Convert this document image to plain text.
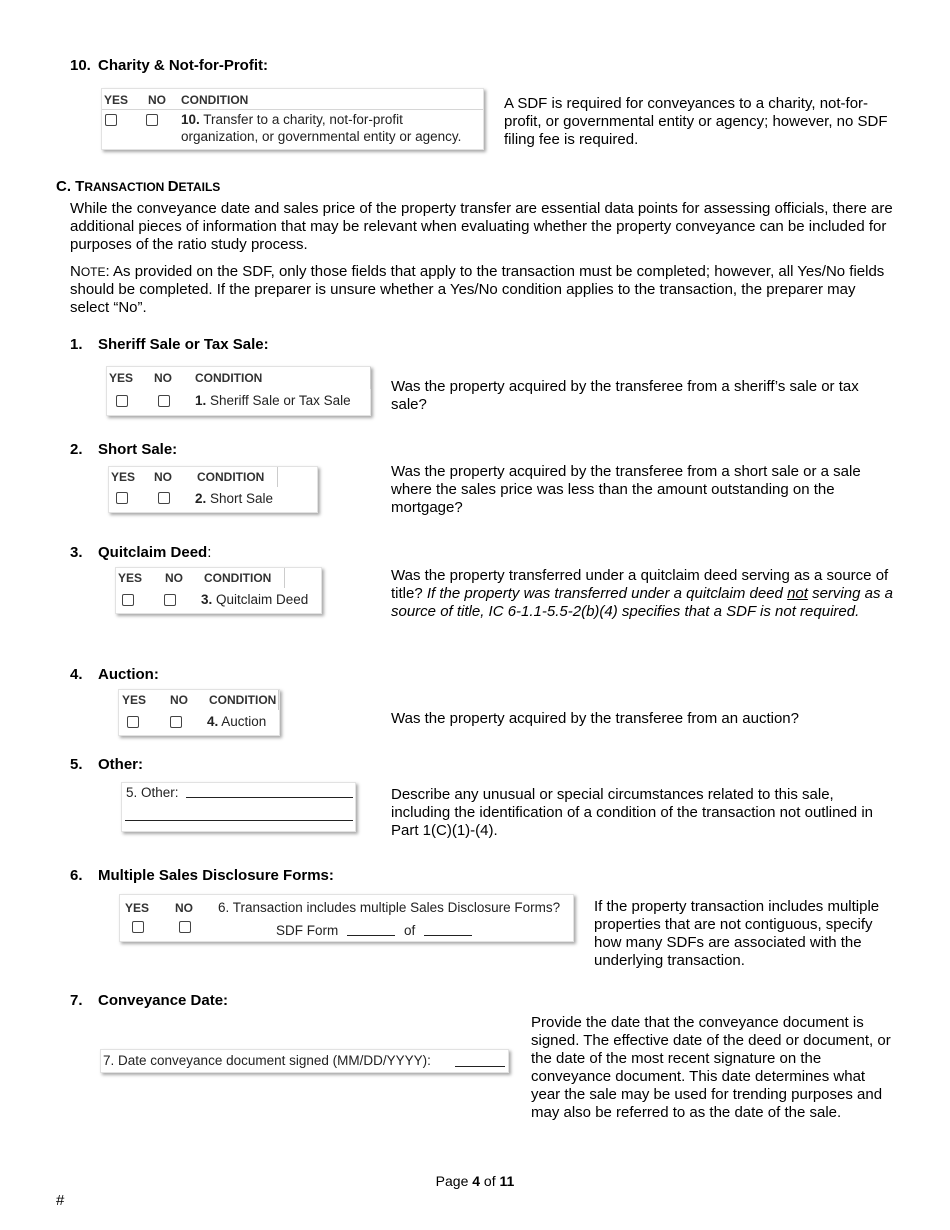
10. Charity & Not-for-Profit:
YES NO CONDITION
10. Transfer to a charity, not-for-profit
organization, or governmental entity or agency.
A SDF is required for conveyances to a charity, not-for-profit, or governmental entity or agency; however, no SDF filing fee is required.
C. TRANSACTION DETAILS
While the conveyance date and sales price of the property transfer are essential data points for assessing officials, there are additional pieces of information that may be relevant when evaluating whether the property conveyance can be included for purposes of the ratio study process.
NOTE: As provided on the SDF, only those fields that apply to the transaction must be completed; however, all Yes/No fields should be completed. If the preparer is unsure whether a Yes/No condition applies to the transaction, the preparer may select “No”.
1. Sheriff Sale or Tax Sale:
YES NO CONDITION
1. Sheriff Sale or Tax Sale
Was the property acquired by the transferee from a sheriff’s sale or tax sale?
2. Short Sale:
YES NO CONDITION
2. Short Sale
Was the property acquired by the transferee from a short sale or a sale where the sales price was less than the amount outstanding on the mortgage?
3. Quitclaim Deed:
YES NO CONDITION
3. Quitclaim Deed
Was the property transferred under a quitclaim deed serving as a source of title? If the property was transferred under a quitclaim deed not serving as a source of title, IC 6-1.1-5.5-2(b)(4) specifies that a SDF is not required.
4. Auction:
YES NO CONDITION
4. Auction	Was the property acquired by the transferee from an auction?
5. Other:
5. Other:	Describe any unusual or special circumstances related to this sale, including the identification of a condition of the transaction not outlined in Part 1(C)(1)-(4).
6. Multiple Sales Disclosure Forms:
YES NO 6. Transaction includes multiple Sales Disclosure Forms?
SDF Form	of
If the property transaction includes multiple properties that are not contiguous, specify how many SDFs are associated with the underlying transaction.
7. Conveyance Date:
7. Date conveyance document signed (MM/DD/YYYY):
Provide the date that the conveyance document is signed. The effective date of the deed or document, or the date of the most recent signature on the conveyance document. This date determines what year the sale may be used for trending purposes and may also be referred to as the date of the sale.
Page 4 of 11
#
